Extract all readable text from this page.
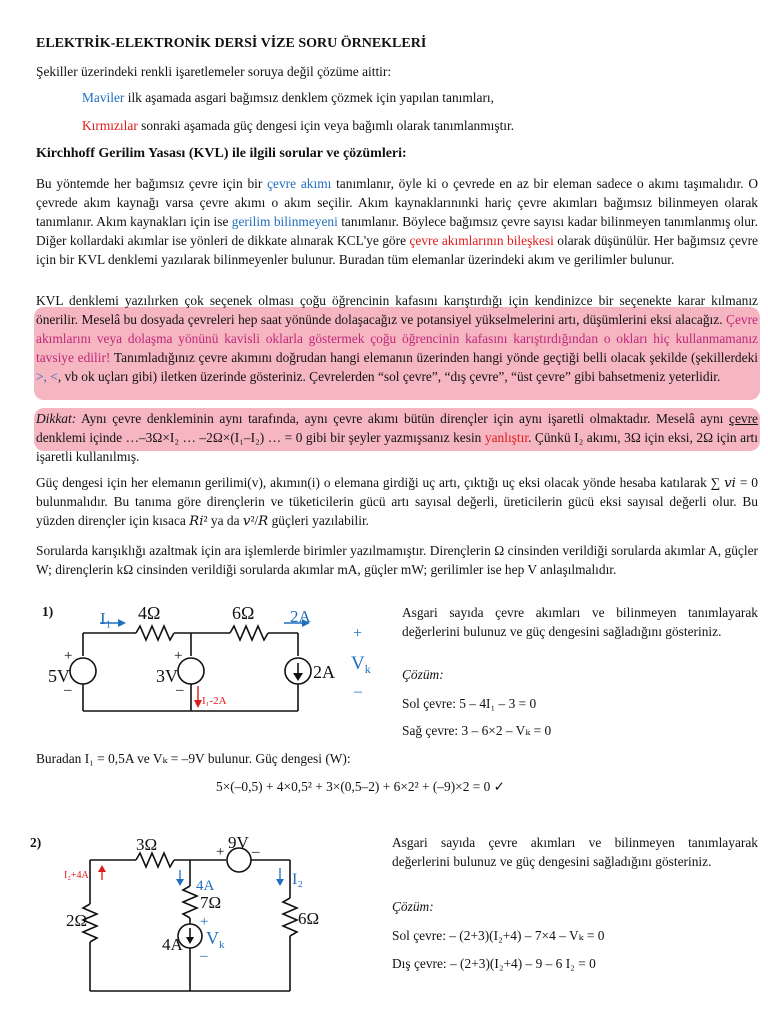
ELEKTRİK-ELEKTRONİK DERSİ VİZE SORU ÖRNEKLERİ
Şekiller üzerindeki renkli işaretlemeler soruya değil çözüme aittir:
Maviler ilk aşamada asgari bağımsız denklem çözmek için yapılan tanımları,
Kırmızılar sonraki aşamada güç dengesi için veya bağımlı olarak tanımlanmıştır.
Kirchhoff Gerilim Yasası (KVL) ile ilgili sorular ve çözümleri:
Bu yöntemde her bağımsız çevre için bir çevre akımı tanımlanır, öyle ki o çevrede en az bir eleman sadece o akımı taşımalıdır. O çevrede akım kaynağı varsa çevre akımı o akım seçilir. Akım kaynaklarınınki hariç çevre akımları bağımsız bilinmeyen olarak tanımlanır. Akım kaynakları için ise gerilim bilinmeyeni tanımlanır. Böylece bağımsız çevre sayısı kadar bilinmeyen tanımlanmış olur. Diğer kollardaki akımlar ise yönleri de dikkate alınarak KCL'ye göre çevre akımlarının bileşkesi olarak düşünülür. Her bağımsız çevre için bir KVL denklemi yazılarak bilinmeyenler bulunur. Buradan tüm elemanlar üzerindeki akım ve gerilimler bulunur.
KVL denklemi yazılırken çok seçenek olması çoğu öğrencinin kafasını karıştırdığı için kendinizce bir seçenekte karar kılmanız önerilir. Meselâ bu dosyada çevreleri hep saat yönünde dolaşacağız ve potansiyel yükselmelerini artı, düşümlerini eksi alacağız. Çevre akımlarını veya dolaşma yönünü kavisli oklarla göstermek çoğu öğrencinin kafasını karıştırdığından o okları hiç kullanmamanız tavsiye edilir! Tanımladığınız çevre akımını doğrudan hangi elemanın üzerinden hangi yönde geçtiği belli olacak şekilde (şekillerdeki >, <, vb ok uçları gibi) iletken üzerinde gösteriniz. Çevrelerden “sol çevre”, “dış çevre”, “üst çevre” gibi bahsetmeniz yeterlidir.
Dikkat: Aynı çevre denkleminin aynı tarafında, aynı çevre akımı bütün dirençler için aynı işaretli olmaktadır. Meselâ aynı çevre denklemi içinde …–3Ω×I₂ … –2Ω×(I₁–I₂) … = 0 gibi bir şeyler yazmışsanız kesin yanlıştır. Çünkü I₂ akımı, 3Ω için eksi, 2Ω için artı işaretli kullanılmış.
Güç dengesi için her elemanın gerilimi(v), akımın(i) o elemana girdiği uç artı, çıktığı uç eksi olacak yönde hesaba katılarak ∑ 𝑣𝑖 = 0 bulunmalıdır. Bu tanıma göre dirençlerin ve tüketicilerin gücü artı sayısal değerli, üreticilerin gücü eksi sayısal değerli olur. Bu yüzden dirençler için kısaca 𝑅𝑖² ya da 𝑣²/𝑅 güçleri yazılabilir.
Sorularda karışıklığı azaltmak için ara işlemlerde birimler yazılmamıştır. Dirençlerin Ω cinsinden verildiği sorularda akımlar A, güçler W; dirençlerin kΩ cinsinden verildiği sorularda akımlar mA, güçler mW; gerilimler ise hep V anlaşılmalıdır.
1)	I₁ 4Ω	6Ω 2A
5V
+
–
3V
+
–
2A
I₁-2A
+
$V_k$
–
Asgari sayıda çevre akımları ve bilinmeyen tanımlayarak değerlerini bulunuz ve güç dengesini sağladığını gösteriniz.
Çözüm:
Sol çevre: 5 – 4I₁ – 3 = 0
Sağ çevre: 3 – 6×2 – Vₖ = 0
Buradan I₁ = 0,5A ve Vₖ = –9V bulunur. Güç dengesi (W):
5×(–0,5) + 4×0,5² + 3×(0,5–2) + 6×2² + (–9)×2 = 0 ✓
2)	3Ω	9V
+ –
I₂+4A
4A	I₂
7Ω
2Ω	6Ω
4A
+
$V_k$
–
Asgari sayıda çevre akımları ve bilinmeyen tanımlayarak değerlerini bulunuz ve güç dengesini sağladığını gösteriniz.
Çözüm:
Sol çevre: – (2+3)(I₂+4) – 7×4 – Vₖ = 0
Dış çevre: – (2+3)(I₂+4) – 9 – 6 I₂ = 0
